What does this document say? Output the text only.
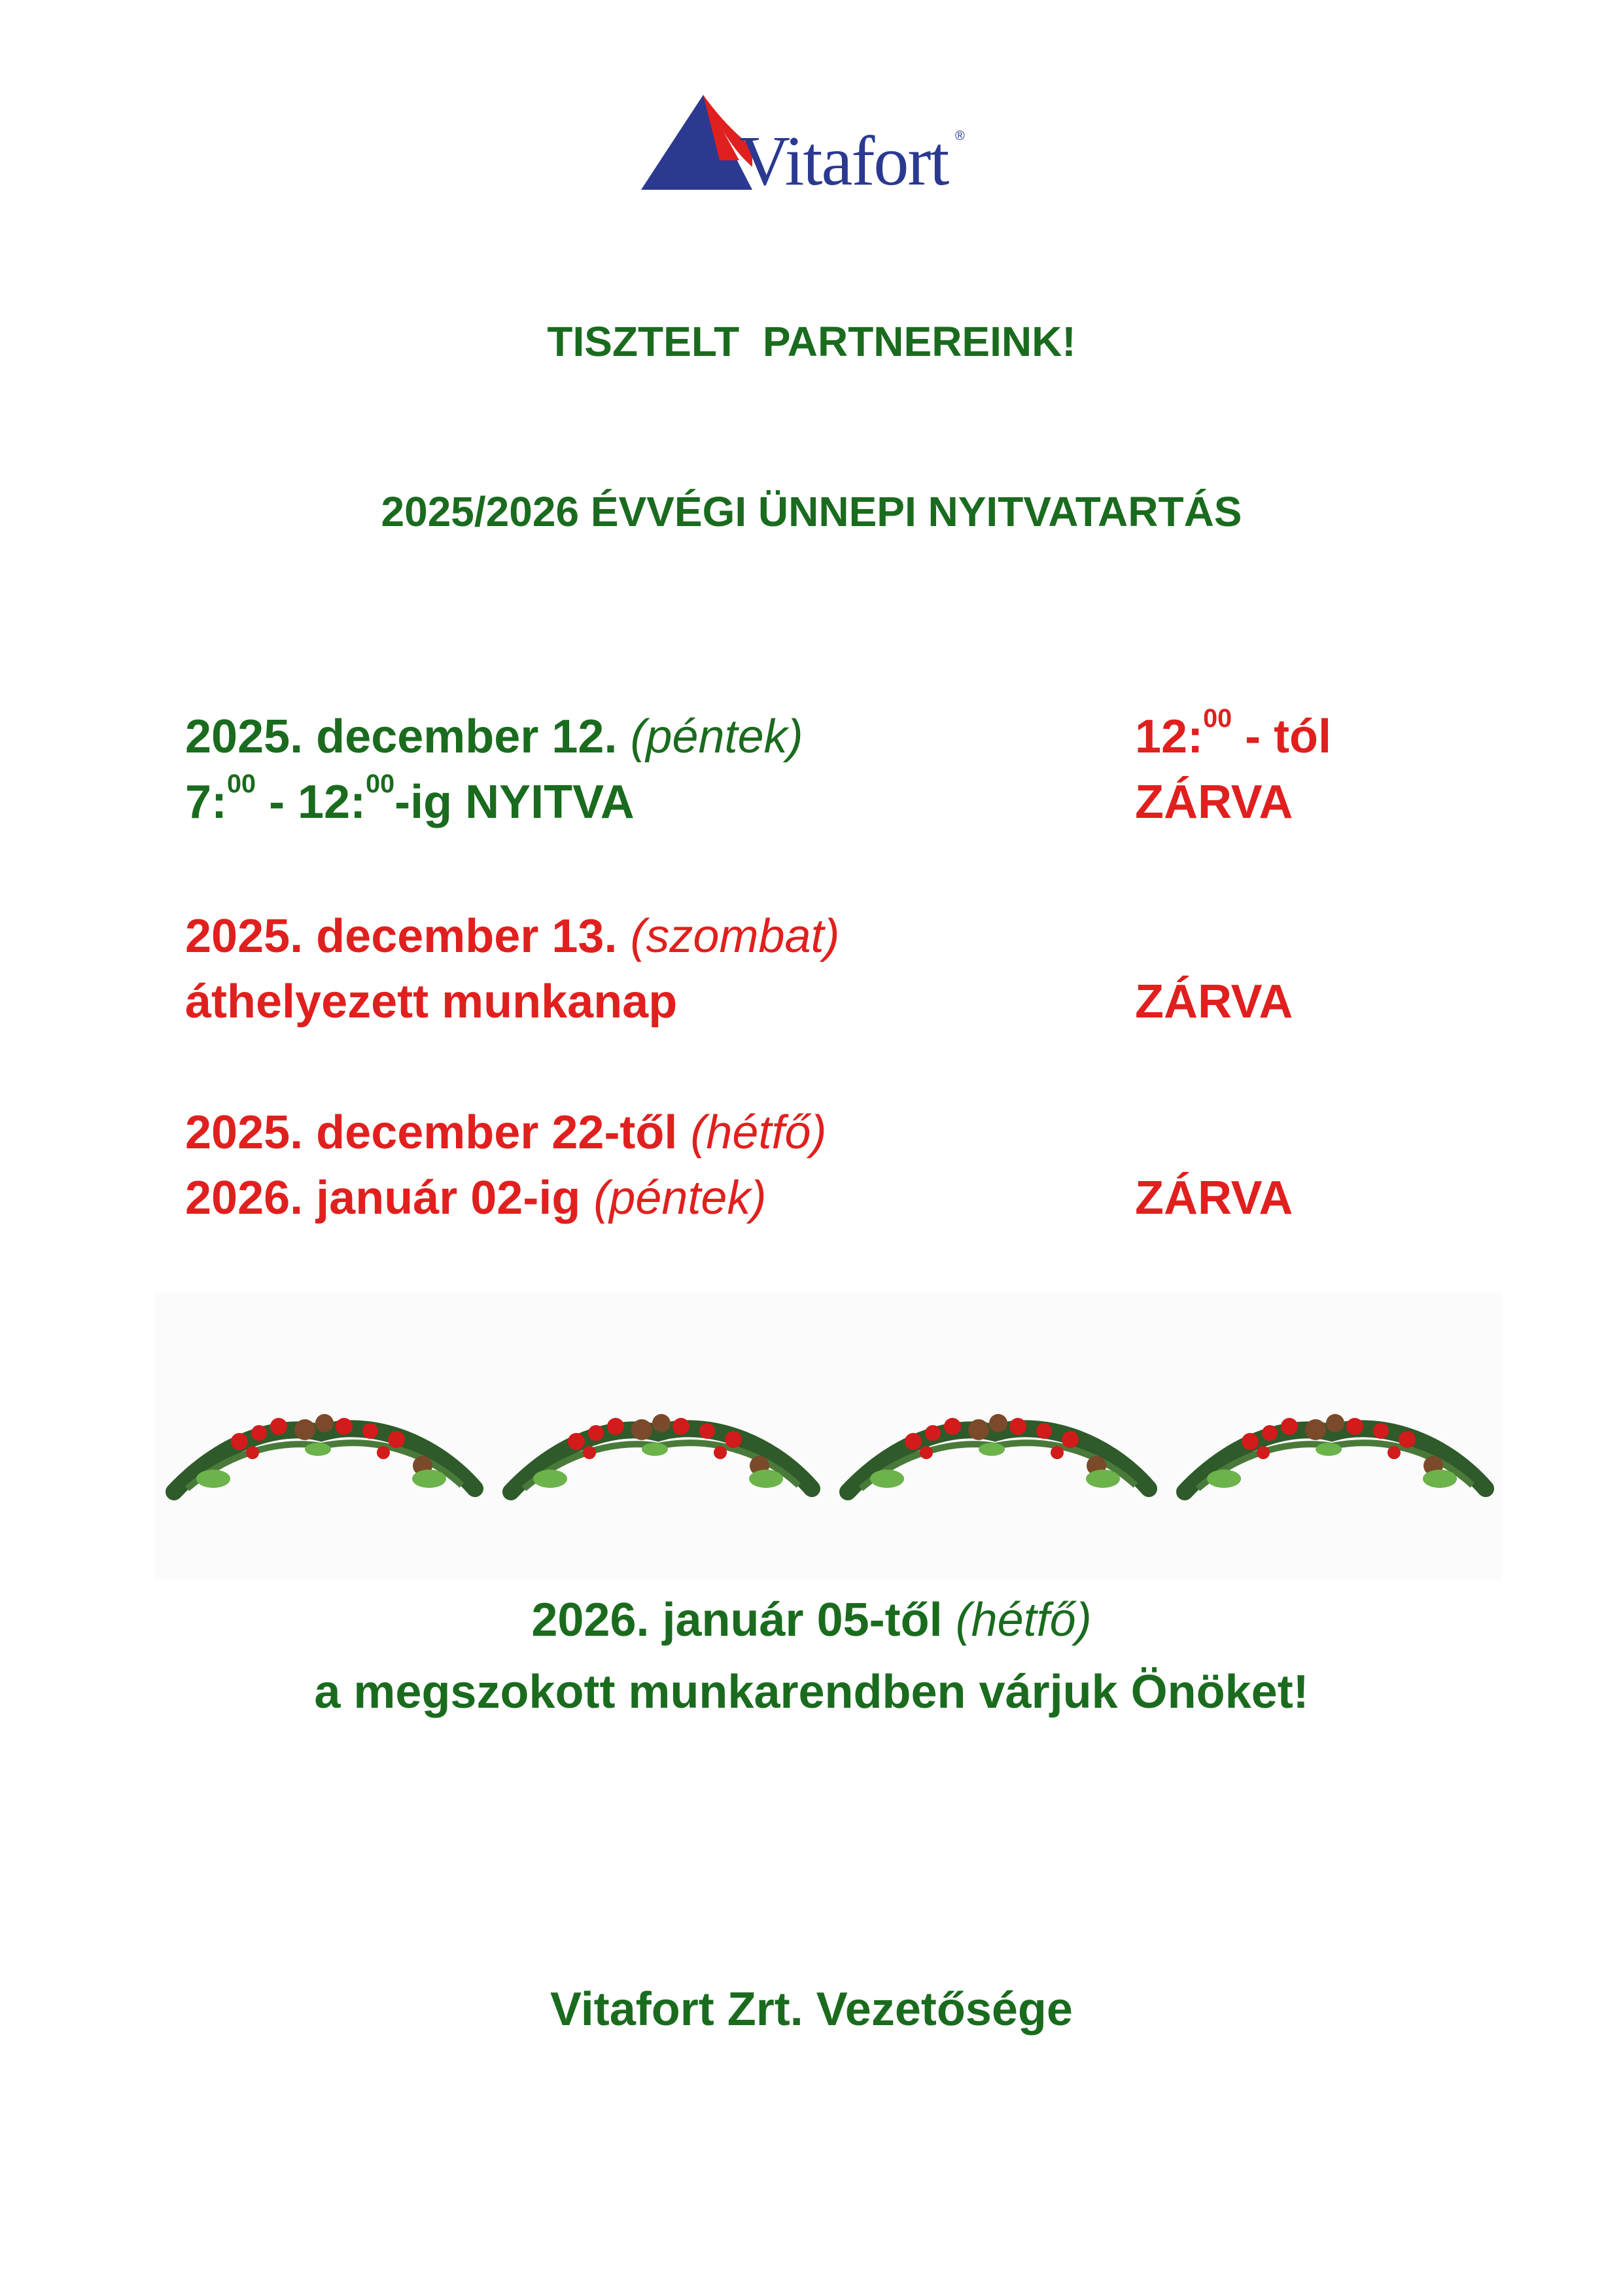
Vitafort ®
TISZTELT  PARTNEREINK!
2025/2026 ÉVVÉGI ÜNNEPI NYITVATARTÁS
2025. december 12. (péntek)
7:$^{00}$ - 12:$^{00}$-ig NYITVA
12:$^{00}$ - tól
ZÁRVA
2025. december 13. (szombat)
áthelyezett munkanap	ZÁRVA
2025. december 22-től (hétfő)
2026. január 02-ig (péntek)	ZÁRVA
2026. január 05-től (hétfő)
a megszokott munkarendben várjuk Önöket!
Vitafort Zrt. Vezetősége
